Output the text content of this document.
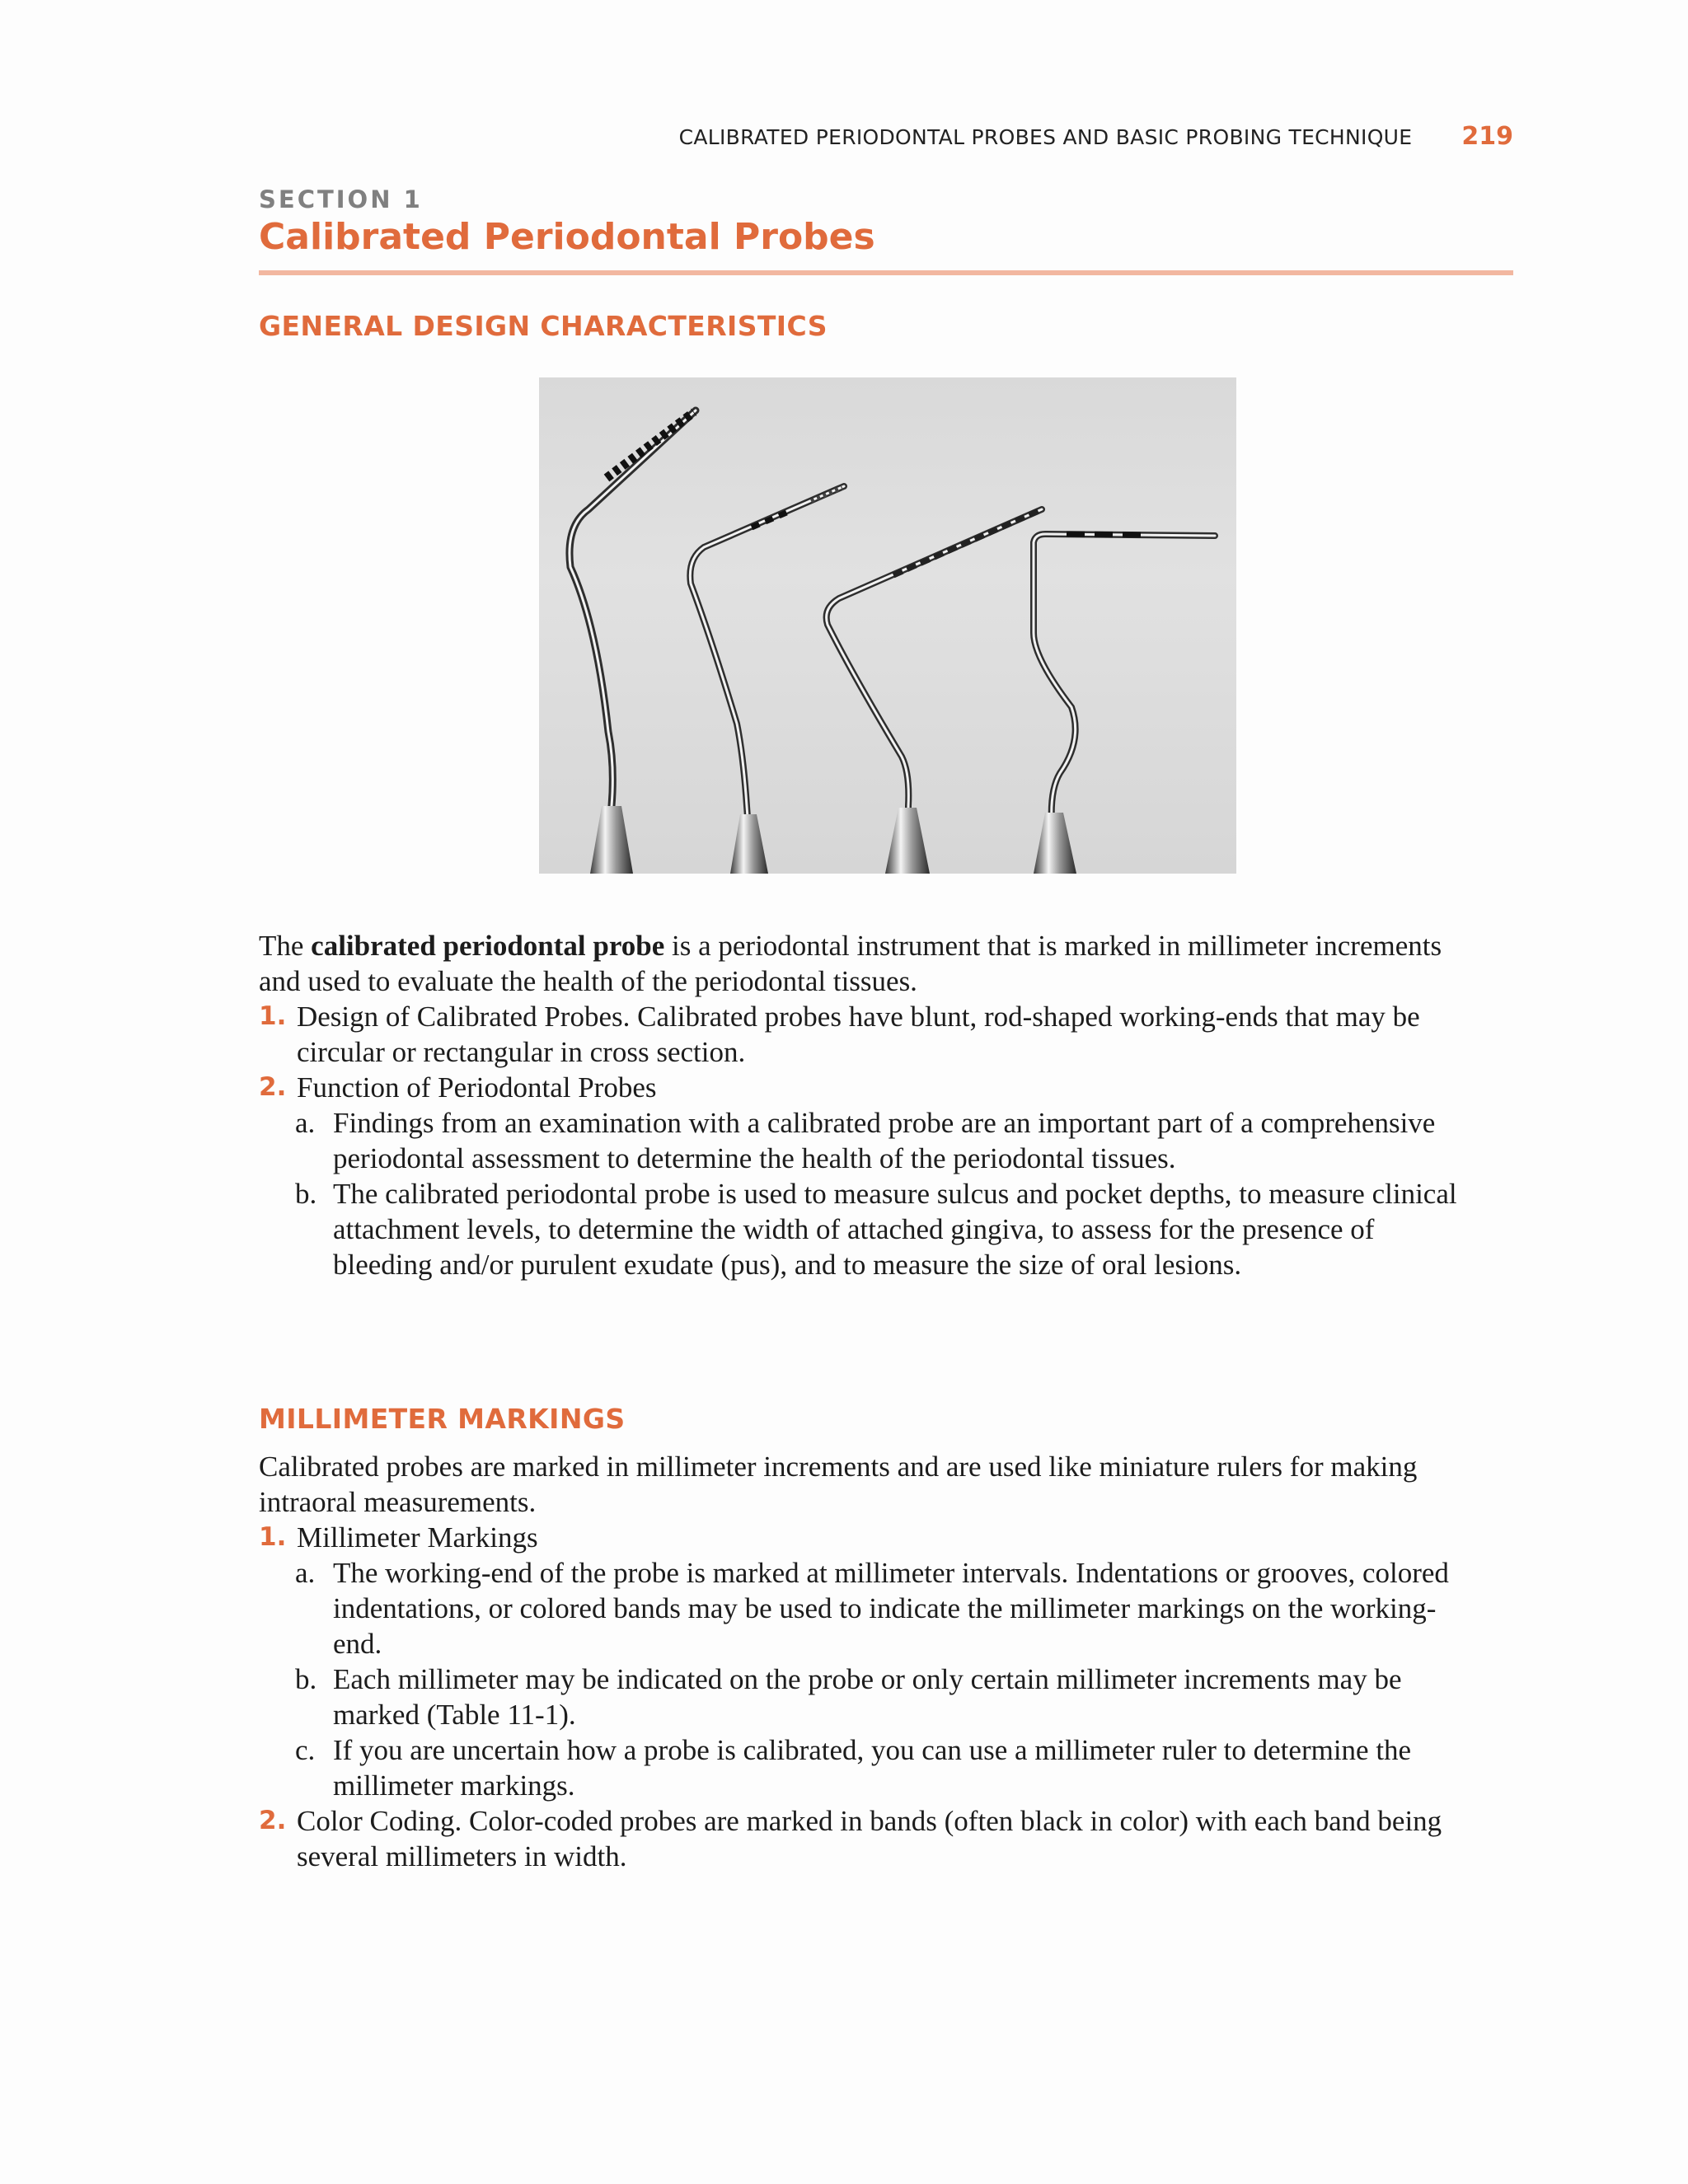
CALIBRATED PERIODONTAL PROBES AND BASIC PROBING TECHNIQUE 219
SECTION 1
Calibrated Periodontal Probes
GENERAL DESIGN CHARACTERISTICS

The calibrated periodontal probe is a periodontal instrument that is marked in millimeter increments and used to evaluate the health of the periodontal tissues.

1. Design of Calibrated Probes. Calibrated probes have blunt, rod-shaped working-ends that may be circular or rectangular in cross section.
2. Function of Periodontal Probes
a. Findings from an examination with a calibrated probe are an important part of a comprehensive periodontal assessment to determine the health of the periodontal tissues.
b. The calibrated periodontal probe is used to measure sulcus and pocket depths, to measure clinical attachment levels, to determine the width of attached gingiva, to assess for the presence of bleeding and/or purulent exudate (pus), and to measure the size of oral lesions.
MILLIMETER MARKINGS

Calibrated probes are marked in millimeter increments and are used like miniature rulers for making intraoral measurements.

1. Millimeter Markings
a. The working-end of the probe is marked at millimeter intervals. Indentations or grooves, colored indentations, or colored bands may be used to indicate the millimeter markings on the working-end.
b. Each millimeter may be indicated on the probe or only certain millimeter increments may be marked (Table 11-1).
c. If you are uncertain how a probe is calibrated, you can use a millimeter ruler to determine the millimeter markings.
2. Color Coding. Color-coded probes are marked in bands (often black in color) with each band being several millimeters in width.
